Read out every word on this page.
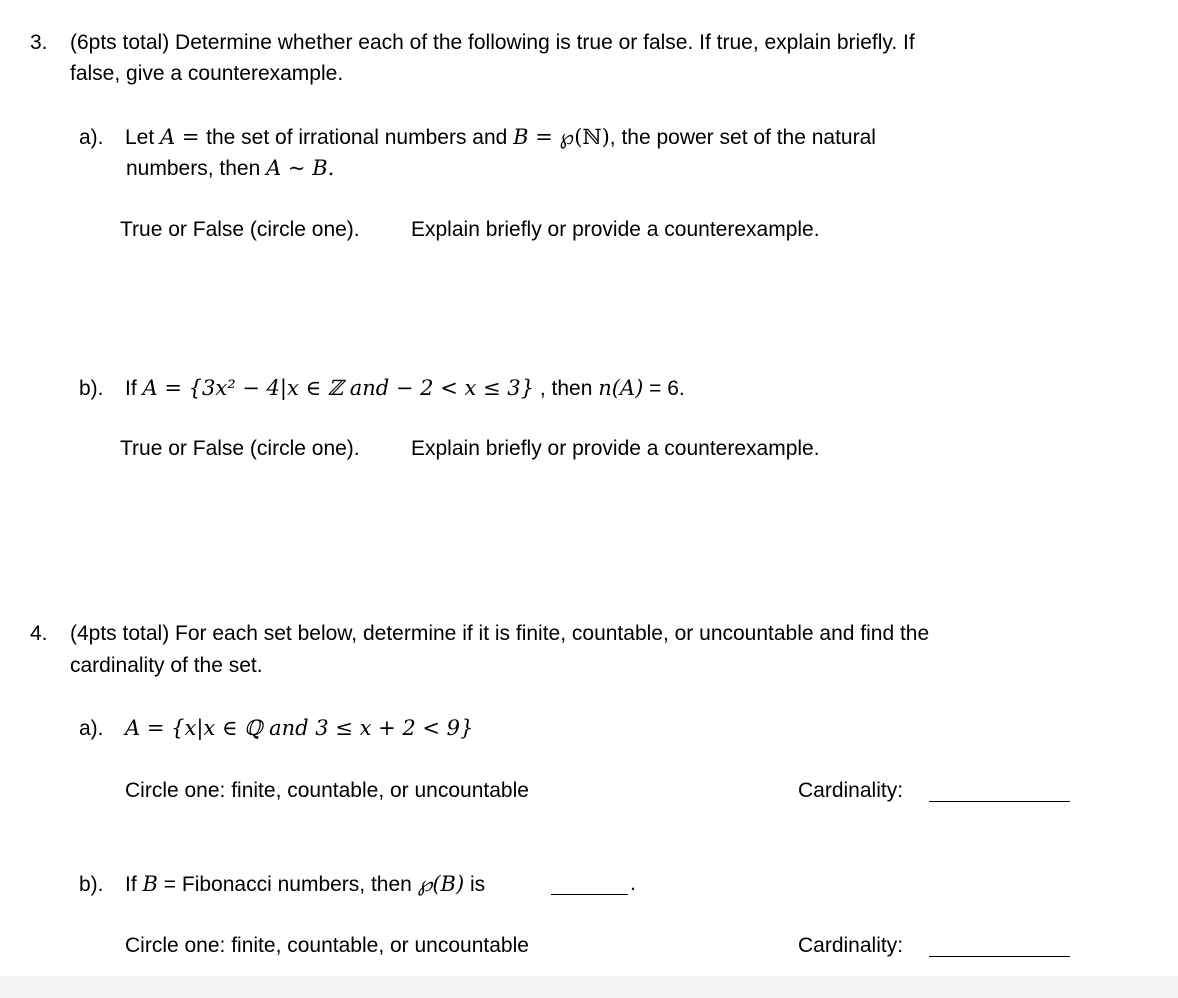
3. (6pts total) Determine whether each of the following is true or false. If true, explain briefly. If
false, give a counterexample.
a). Let A = the set of irrational numbers and B = ℘(ℕ), the power set of the natural
numbers, then A ~ B.
True or False (circle one). Explain briefly or provide a counterexample.
b). If A = {3x² − 4|x ∈ ℤ and − 2 < x ≤ 3} , then n(A) = 6.
True or False (circle one). Explain briefly or provide a counterexample.
4. (4pts total) For each set below, determine if it is finite, countable, or uncountable and find the
cardinality of the set.
a). A = {x|x ∈ ℚ and 3 ≤ x + 2 < 9}
Circle one: finite, countable, or uncountable	Cardinality:
b). If B = Fibonacci numbers, then ℘(B) is	.
Circle one: finite, countable, or uncountable	Cardinality:
